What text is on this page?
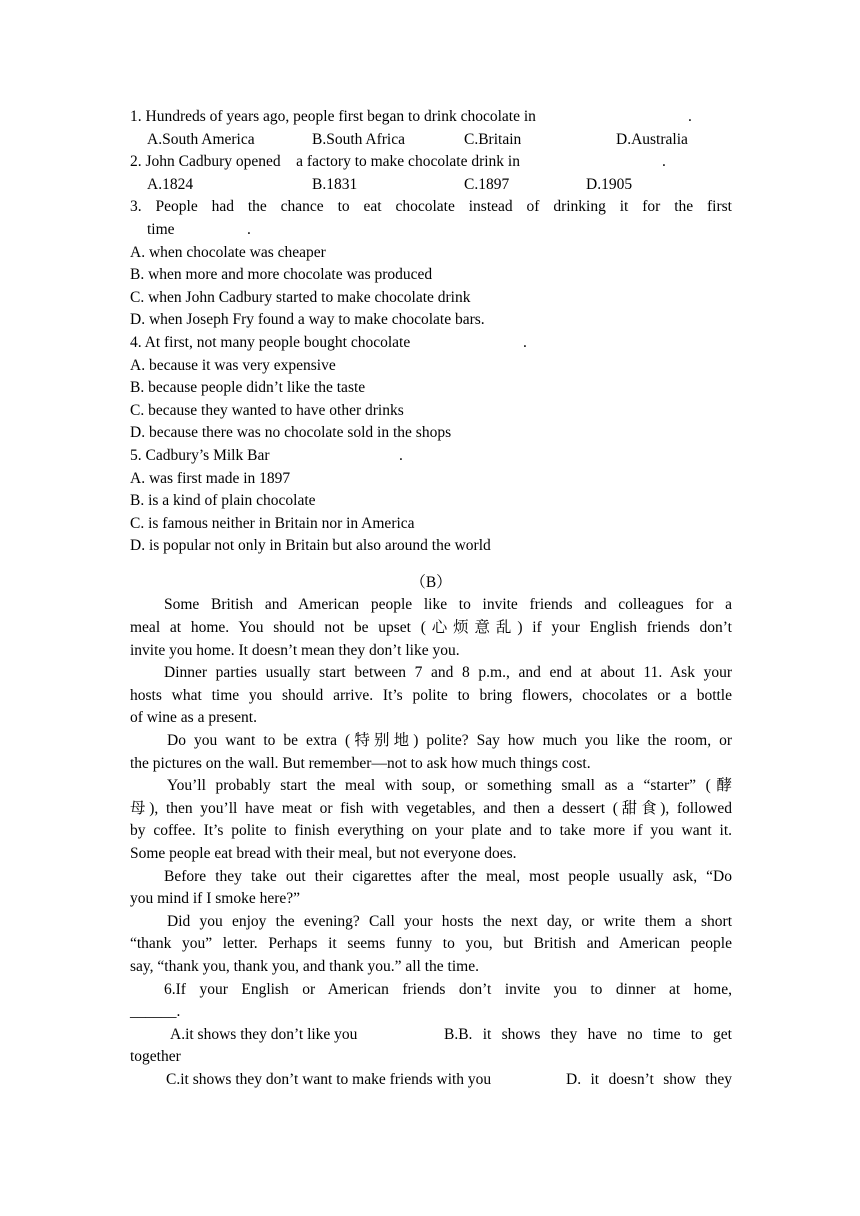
1. Hundreds of years ago, people first began to drink chocolate in	.
A.South America	B.South Africa	C.Britain	D.Australia
2. John Cadbury opened    a factory to make chocolate drink in	.
A.1824	B.1831	C.1897	D.1905
3. People had the chance to eat chocolate instead of drinking it for the first
time	.
A. when chocolate was cheaper
B. when more and more chocolate was produced
C. when John Cadbury started to make chocolate drink
D. when Joseph Fry found a way to make chocolate bars.
4. At first, not many people bought chocolate	.
A. because it was very expensive
B. because people didn’t like the taste
C. because they wanted to have other drinks
D. because there was no chocolate sold in the shops
5. Cadbury’s Milk Bar	.
A. was first made in 1897
B. is a kind of plain chocolate
C. is famous neither in Britain nor in America
D. is popular not only in Britain but also around the world
（B）
Some British and American people like to invite friends and colleagues for a
meal at home. You should not be upset (心烦意乱) if your English friends don’t
invite you home. It doesn’t mean they don’t like you.
Dinner parties usually start between 7 and 8 p.m., and end at about 11. Ask your
hosts what time you should arrive. It’s polite to bring flowers, chocolates or a bottle
of wine as a present.
Do you want to be extra (特别地) polite? Say how much you like the room, or
the pictures on the wall. But remember—not to ask how much things cost.
You’ll probably start the meal with soup, or something small as a “starter” (酵
母), then you’ll have meat or fish with vegetables, and then a dessert (甜食), followed
by coffee. It’s polite to finish everything on your plate and to take more if you want it.
Some people eat bread with their meal, but not everyone does.
Before they take out their cigarettes after the meal, most people usually ask, “Do
you mind if I smoke here?”
Did you enjoy the evening? Call your hosts the next day, or write them a short
“thank you” letter. Perhaps it seems funny to you, but British and American people
say, “thank you, thank you, and thank you.” all the time.
6.If your English or American friends don’t invite you to dinner at home,
______.
A.it shows they don’t like you	B.B. it shows they have no time to get
together
C.it shows they don’t want to make friends with you	D. it doesn’t show they
